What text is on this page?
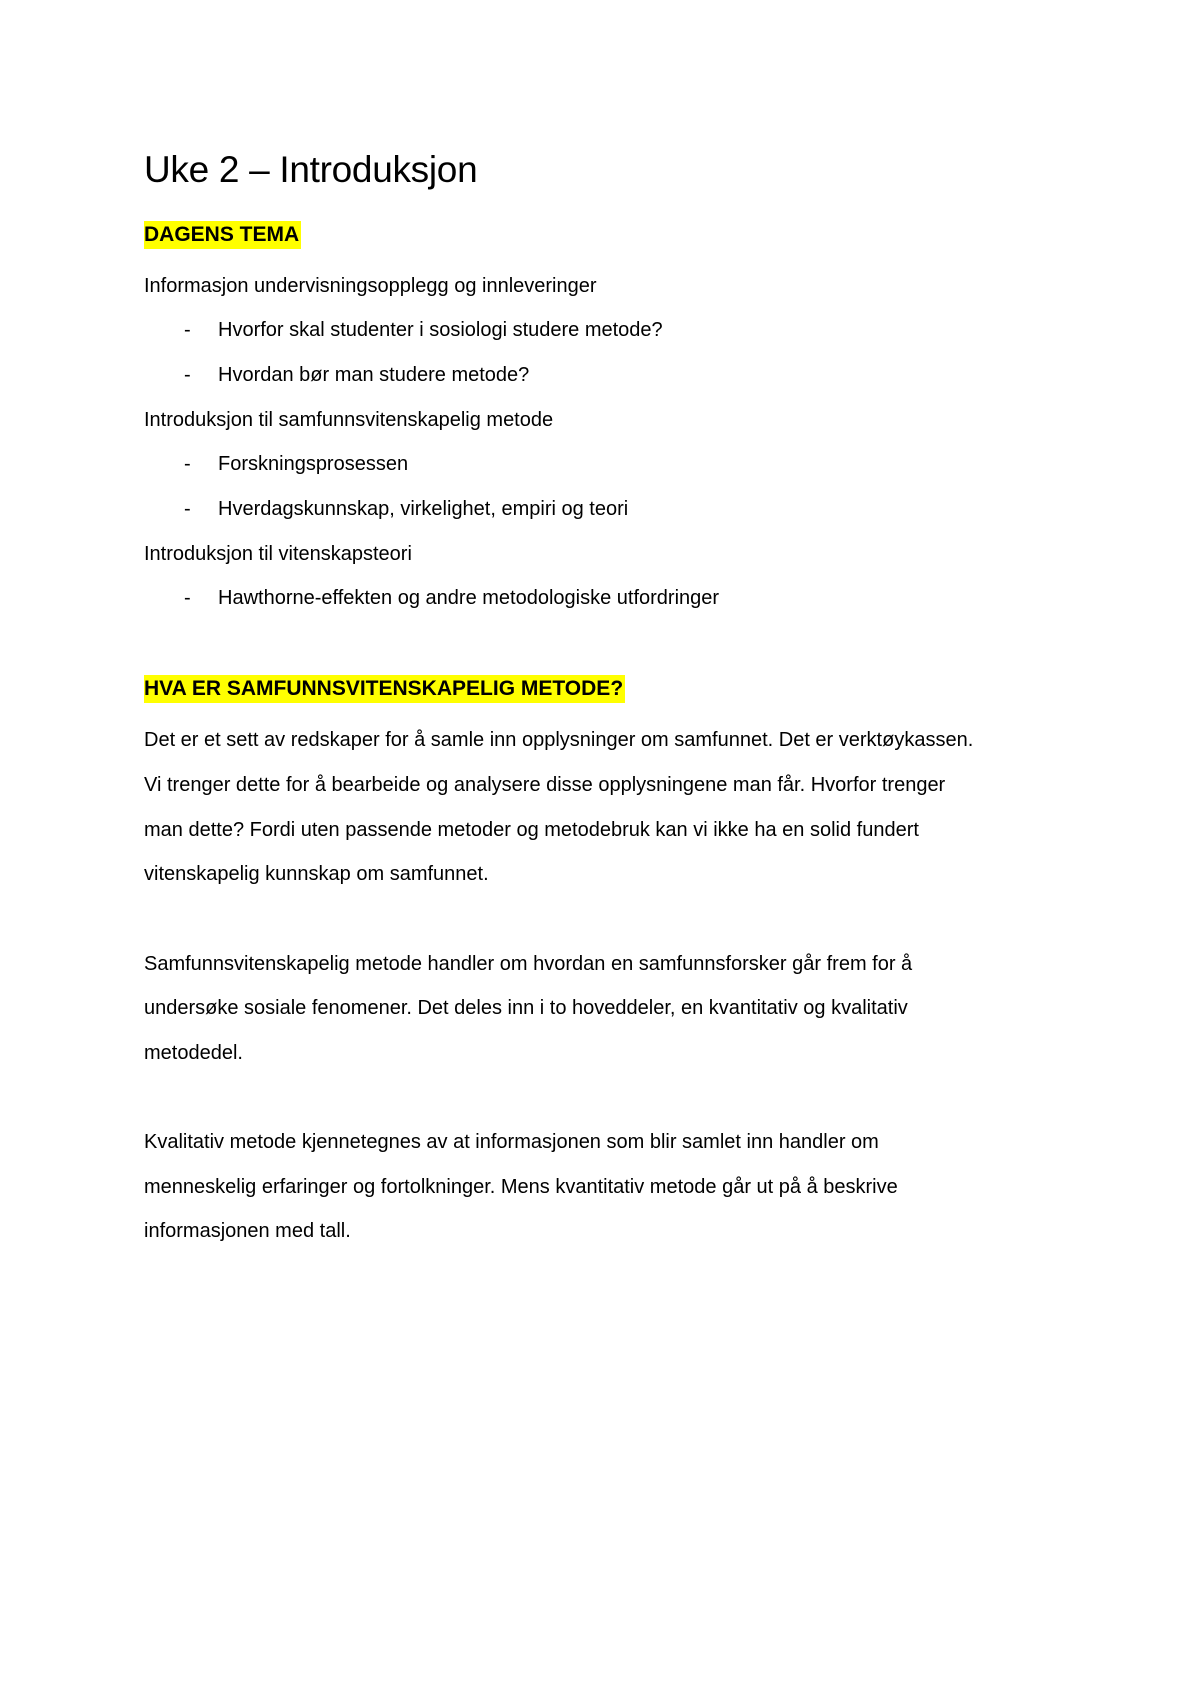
Uke 2 – Introduksjon
DAGENS TEMA

Informasjon undervisningsopplegg og innleveringer

- Hvorfor skal studenter i sosiologi studere metode?

- Hvordan bør man studere metode?

Introduksjon til samfunnsvitenskapelig metode

- Forskningsprosessen

- Hverdagskunnskap, virkelighet, empiri og teori

Introduksjon til vitenskapsteori

- Hawthorne-effekten og andre metodologiske utfordringer

HVA ER SAMFUNNSVITENSKAPELIG METODE?

Det er et sett av redskaper for å samle inn opplysninger om samfunnet. Det er verktøykassen.

Vi trenger dette for å bearbeide og analysere disse opplysningene man får. Hvorfor trenger

man dette? Fordi uten passende metoder og metodebruk kan vi ikke ha en solid fundert

vitenskapelig kunnskap om samfunnet.

Samfunnsvitenskapelig metode handler om hvordan en samfunnsforsker går frem for å

undersøke sosiale fenomener. Det deles inn i to hoveddeler, en kvantitativ og kvalitativ

metodedel.

Kvalitativ metode kjennetegnes av at informasjonen som blir samlet inn handler om

menneskelig erfaringer og fortolkninger. Mens kvantitativ metode går ut på å beskrive

informasjonen med tall.
